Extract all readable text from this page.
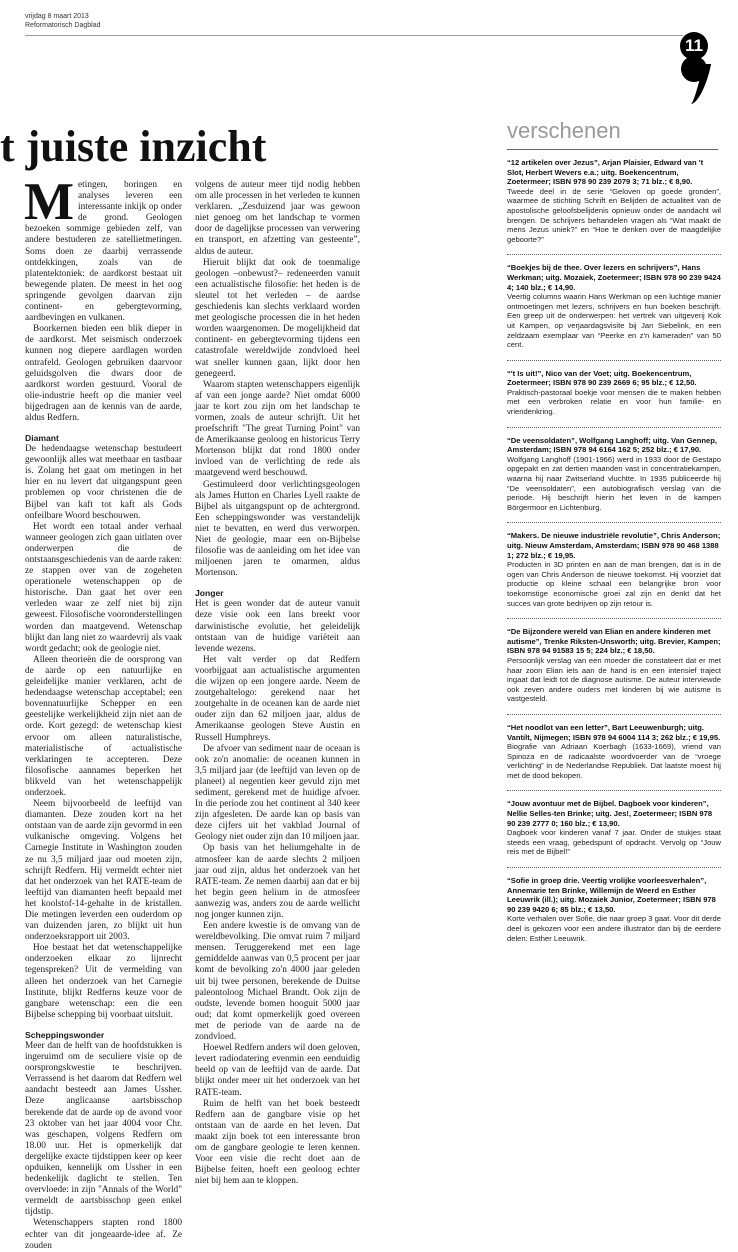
vrijdag 8 maart 2013
Reformatorisch Dagblad
11
t juiste inzicht	verschenen

Metingen, boringen en analyses leveren een interessante inkijk op onder de grond. Geologen bezoeken sommige gebieden zelf, van andere bestuderen ze satellietmetingen. Soms doen ze daarbij verrassende ontdekkingen, zoals van de platentektoniek: de aardkorst bestaat uit bewegende platen. De meest in het oog springende gevolgen daarvan zijn continent- en gebergtevorming, aardbevingen en vulkanen.

Boorkernen bieden een blik dieper in de aardkorst. Met seismisch onderzoek kunnen nog diepere aardlagen worden ontrafeld. Geologen gebruiken daarvoor geluidsgolven die dwars door de aardkorst worden gestuurd. Vooral de olie-industrie heeft op die manier veel bijgedragen aan de kennis van de aarde, aldus Redfern.

Diamant

De hedendaagse wetenschap bestudeert gewoonlijk alles wat meetbaar en tastbaar is. Zolang het gaat om metingen in het hier en nu levert dat uitgangspunt geen problemen op voor christenen die de Bijbel van kaft tot kaft als Gods onfeilbare Woord beschouwen.

Het wordt een totaal ander verhaal wanneer geologen zich gaan uitlaten over onderwerpen die de ontstaansgeschiedenis van de aarde raken: ze stappen over van de zogeheten operationele wetenschappen op de historische. Dan gaat het over een verleden waar ze zelf niet bij zijn geweest. Filosofische vooronderstellingen worden dan maatgevend. Wetenschap blijkt dan lang niet zo waardevrij als vaak wordt gedacht; ook de geologie niet.

Alleen theorieën die de oorsprong van de aarde op een natuurlijke en geleidelijke manier verklaren, acht de hedendaagse wetenschap acceptabel; een bovennatuurlijke Schepper en een geestelijke werkelijkheid zijn niet aan de orde. Kort gezegd: de wetenschap kiest ervoor om alleen naturalistische, materialistische of actualistische verklaringen te accepteren. Deze filosofische aannames beperken het blikveld van het wetenschappelijk onderzoek.

Neem bijvoorbeeld de leeftijd van diamanten. Deze zouden kort na het ontstaan van de aarde zijn gevormd in een vulkanische omgeving. Volgens het Carnegie Institute in Washington zouden ze nu 3,5 miljard jaar oud moeten zijn, schrijft Redfern. Hij vermeldt echter niet dat het onderzoek van het RATE-team de leeftijd van diamanten heeft bepaald met het koolstof-14-gehalte in de kristallen. Die metingen leverden een ouderdom op van duizenden jaren, zo blijkt uit hun onderzoeksrapport uit 2003.

Hoe bestaat het dat wetenschappelijke onderzoeken elkaar zo lijnrecht tegenspreken? Uit de vermelding van alleen het onderzoek van het Carnegie Institute, blijkt Redferns keuze voor de gangbare wetenschap: een die een Bijbelse schepping bij voorbaat uitsluit.

Scheppingswonder

Meer dan de helft van de hoofdstukken is ingeruimd om de seculiere visie op de oorsprongskwestie te beschrijven. Verrassend is het daarom dat Redfern wel aandacht besteedt aan James Ussher. Deze anglicaanse aartsbisschop berekende dat de aarde op de avond voor 23 oktober van het jaar 4004 voor Chr. was geschapen, volgens Redfern om 18.00 uur. Het is opmerkelijk dat dergelijke exacte tijdstippen keer op keer opduiken, kennelijk om Ussher in een bedenkelijk daglicht te stellen. Ten overvloede: in zijn "Annals of the World" vermeldt de aartsbisschop geen enkel tijdstip.

Wetenschappers stapten rond 1800 echter van dit jongeaarde-idee af. Ze zouden

volgens de auteur meer tijd nodig hebben om alle processen in het verleden te kunnen verklaren. „Zesduizend jaar was gewoon niet genoeg om het landschap te vormen door de dagelijkse processen van verwering en transport, en afzetting van gesteente”, aldus de auteur.

Hieruit blijkt dat ook de toenmalige geologen –onbewust?– redeneerden vanuit een actualistische filosofie: het heden is de sleutel tot het verleden – de aardse geschiedenis kan slechts verklaard worden met geologische processen die in het heden worden waargenomen. De mogelijkheid dat continent- en gebergtevorming tijdens een catastrofale wereldwijde zondvloed heel wat sneller kunnen gaan, lijkt door hen genegeerd.

Waarom stapten wetenschappers eigenlijk af van een jonge aarde? Niet omdat 6000 jaar te kort zou zijn om het landschap te vormen, zoals de auteur schrijft. Uit het proefschrift "The great Turning Point" van de Amerikaanse geoloog en historicus Terry Mortenson blijkt dat rond 1800 onder invloed van de verlichting de rede als maatgevend werd beschouwd.

Gestimuleerd door verlichtingsgeologen als James Hutton en Charles Lyell raakte de Bijbel als uitgangspunt op de achtergrond. Een scheppingswonder was verstandelijk niet te bevatten, en werd dus verworpen. Niet de geologie, maar een on-Bijbelse filosofie was de aanleiding om het idee van miljoenen jaren te omarmen, aldus Mortenson.

Jonger

Het is geen wonder dat de auteur vanuit deze visie ook een lans breekt voor darwinistische evolutie, het geleidelijk ontstaan van de huidige variëteit aan levende wezens.

Het valt verder op dat Redfern voorbijgaat aan actualistische argumenten die wijzen op een jongere aarde. Neem de zoutgehaltelogo: gerekend naar het zoutgehalte in de oceanen kan de aarde niet ouder zijn dan 62 miljoen jaar, aldus de Amerikaanse geologen Steve Austin en Russell Humphreys.

De afvoer van sediment naar de oceaan is ook zo'n anomalie: de oceanen kunnen in 3,5 miljard jaar (de leeftijd van leven op de planeet) al negentien keer gevuld zijn met sediment, gerekend met de huidige afvoer. In die periode zou het continent al 340 keer zijn afgesleten. De aarde kan op basis van deze cijfers uit het vakblad Journal of Geology niet ouder zijn dan 10 miljoen jaar.

Op basis van het heliumgehalte in de atmosfeer kan de aarde slechts 2 miljoen jaar oud zijn, aldus het onderzoek van het RATE-team. Ze nemen daarbij aan dat er bij het begin geen helium in de atmosfeer aanwezig was, anders zou de aarde wellicht nog jonger kunnen zijn.

Een andere kwestie is de omvang van de wereldbevolking. Die omvat ruim 7 miljard mensen. Teruggerekend met een lage gemiddelde aanwas van 0,5 procent per jaar komt de bevolking zo'n 4000 jaar geleden uit bij twee personen, berekende de Duitse paleontoloog Michael Brandt. Ook zijn de oudste, levende bomen hooguit 5000 jaar oud; dat komt opmerkelijk goed overeen met de periode van de aarde na de zondvloed.

Hoewel Redfern anders wil doen geloven, levert radiodatering evenmin een eenduidig beeld op van de leeftijd van de aarde. Dat blijkt onder meer uit het onderzoek van het RATE-team.

Ruim de helft van het boek besteedt Redfern aan de gangbare visie op het ontstaan van de aarde en het leven. Dat maakt zijn boek tot een interessante bron om de gangbare geologie te leren kennen. Voor een visie die recht doet aan de Bijbelse feiten, hoeft een geoloog echter niet bij hem aan te kloppen.

“12 artikelen over Jezus”, Arjan Plaisier, Edward van 't Slot, Herbert Wevers e.a.; uitg. Boekencentrum, Zoetermeer; ISBN 978 90 239 2079 3; 71 blz.; € 8,90.
Tweede deel in de serie “Geloven op goede gronden”, waarmee de stichting Schrift en Belijden de actualiteit van de apostolische geloofsbelijdenis opnieuw onder de aandacht wil brengen. De schrijvers behandelen vragen als “Wat maakt de mens Jezus uniek?” en “Hoe te denken over de maagdelijke geboorte?”
“Boekjes bij de thee. Over lezers en schrijvers”, Hans Werkman; uitg. Mozaiek, Zoetermeer; ISBN 978 90 239 9424 4; 140 blz.; € 14,90.
Veertig columns waarin Hans Werkman op een luchtige manier ontmoetingen met lezers, schrijvers en hun boeken beschrijft. Een greep uit de onderwerpen: het vertrek van uitgeverij Kok uit Kampen, op verjaardagsvisite bij Jan Siebelink, en een zeldzaam exemplaar van “Peerke en z'n kameraden” van 50 cent.
“'t Is uit!”, Nico van der Voet; uitg. Boekencentrum, Zoetermeer; ISBN 978 90 239 2669 6; 95 blz.; € 12,50.
Praktisch-pastoraal boekje voor mensen die te maken hebben met een verbroken relatie en voor hun familie- en vriendenkring.
“De veensoldaten”, Wolfgang Langhoff; uitg. Van Gennep, Amsterdam; ISBN 978 94 6164 162 5; 252 blz.; € 17,90.
Wolfgang Langhoff (1901-1966) werd in 1933 door de Gestapo opgepakt en zat dertien maanden vast in concentratiekampen, waarna hij naar Zwitserland vluchtte. In 1935 publiceerde hij “De veensoldaten”, een autobiografisch verslag van die periode. Hij beschrijft hierin het leven in de kampen Börgermoor en Lichtenburg.
“Makers. De nieuwe industriële revolutie”, Chris Anderson; uitg. Nieuw Amsterdam, Amsterdam; ISBN 978 90 468 1388 1; 272 blz.; € 19,95.
Producten in 3D printen en aan de man brengen, dat is in de ogen van Chris Anderson de nieuwe toekomst. Hij voorziet dat productie op kleine schaal een belangrijke bron voor toekomstige economische groei zal zijn en denkt dat het succes van grote bedrijven op zijn retour is.
“De Bijzondere wereld van Elian en andere kinderen met autisme”, Trenke Riksten-Unsworth; uitg. Brevier, Kampen; ISBN 978 94 91583 15 5; 224 blz.; € 18,50.
Persoonlijk verslag van een moeder die constateert dat er met haar zoon Elian iets aan de hand is en een intensief traject ingaat dat leidt tot de diagnose autisme. De auteur interviewde ook zeven andere ouders met kinderen bij wie autisme is vastgesteld.
“Het noodlot van een letter”, Bart Leeuwenburgh; uitg. Vantilt, Nijmegen; ISBN 978 94 6004 114 3; 262 blz.; € 19,95.
Biografie van Adriaan Koerbagh (1633-1669), vriend van Spinoza en de radicaalste woordvoerder van de “vroege verlichting” in de Nederlandse Republiek. Dat laatste moest hij met de dood bekopen.
“Jouw avontuur met de Bijbel. Dagboek voor kinderen”, Nellie Selles-ten Brinke; uitg. Jes!, Zoetermeer; ISBN 978 90 239 2777 0; 160 blz.; € 13,90.
Dagboek voor kinderen vanaf 7 jaar. Onder de stukjes staat steeds een vraag, gebedspunt of opdracht. Vervolg op “Jouw reis met de Bijbel!”
“Sofie in groep drie. Veertig vrolijke voorleesverhalen”, Annemarie ten Brinke, Willemijn de Weerd en Esther Leeuwrik (ill.); uitg. Mozaiek Junior, Zoetermeer; ISBN 978 90 239 9420 6; 85 blz.; € 13,50.
Korte verhalen over Sofie, die naar groep 3 gaat. Voor dit derde deel is gekozen voor een andere illustrator dan bij de eerdere delen: Esther Leeuwrik.
